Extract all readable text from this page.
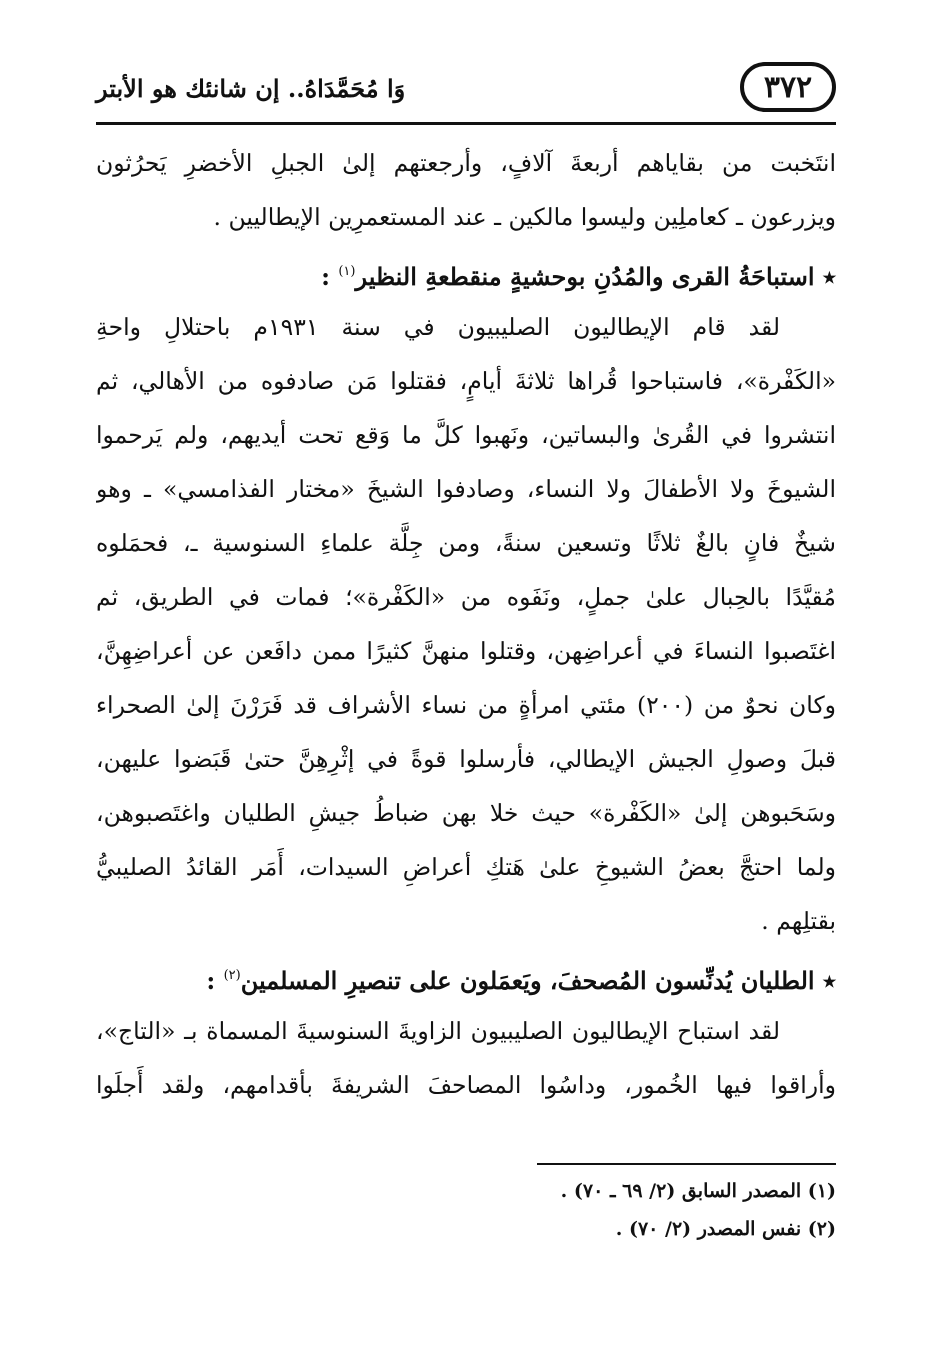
٣٧٢
وَا مُحَمَّدَاهُ.. إن شانئك هو الأبتر
انتَخبت من بقاياهم أربعةَ آلافٍ، وأرجعتهم إلىٰ الجبلِ الأخضرِ يَحرُثون
ويزرعون ـ كعاملِين وليسوا مالكين ـ عند المستعمرِين الإيطاليين .
٭ استباحَةُ القرى والمُدُنِ بوحشيةٍ منقطعةِ النظير$^{(١)}$ :
لقد قام الإيطاليون الصليبيون في سنة ١٩٣١م باحتلالِ واحةِ
«الكَفْرة»، فاستباحوا قُراها ثلاثةَ أيامٍ، فقتلوا مَن صادفوه من الأهالي، ثم
انتشروا في القُرىٰ والبساتين، ونَهبوا كلَّ ما وَقع تحت أيديهم، ولم يَرحموا
الشيوخَ ولا الأطفالَ ولا النساء، وصادفوا الشيخَ «مختار الفذامسي» ـ وهو
شيخٌ فانٍ بالغٌ ثلاثًا وتسعين سنةً، ومن جِلَّة علماءِ السنوسية ـ، فحمَلوه
مُقيَّدًا بالحِبال علىٰ جملٍ، ونَفَوه من «الكَفْرة»؛ فمات في الطريق، ثم
اغتَصبوا النساءَ في أعراضِهن، وقتلوا منهنَّ كثيرًا ممن دافَعن عن أعراضِهِنَّ،
وكان نحوٌ من (٢٠٠) مئتي امرأةٍ من نساء الأشراف قد فَرَرْنَ إلىٰ الصحراء
قبلَ وصولِ الجيش الإيطالي، فأرسلوا قوةً في إثْرِهِنَّ حتىٰ قَبَضوا عليهن،
وسَحَبوهن إلىٰ «الكَفْرة» حيث خلا بهن ضباطُ جيشِ الطليان واغتَصبوهن،
ولما احتجَّ بعضُ الشيوخِ علىٰ هَتكِ أعراضِ السيدات، أَمَر القائدُ الصليبيُّ
بقتلِهم .
٭ الطليان يُدنِّسون المُصحفَ، ويَعمَلون على تنصيرِ المسلمين$^{(٢)}$ :
لقد استباح الإيطاليون الصليبيون الزاويةَ السنوسيةَ المسماة بـ «التاج»،
وأراقوا فيها الخُمور، وداسُوا المصاحفَ الشريفةَ بأقدامهم، ولقد أَجلَوا
(١) المصدر السابق (٢/ ٦٩ ـ ٧٠) .
(٢) نفس المصدر (٢/ ٧٠) .
